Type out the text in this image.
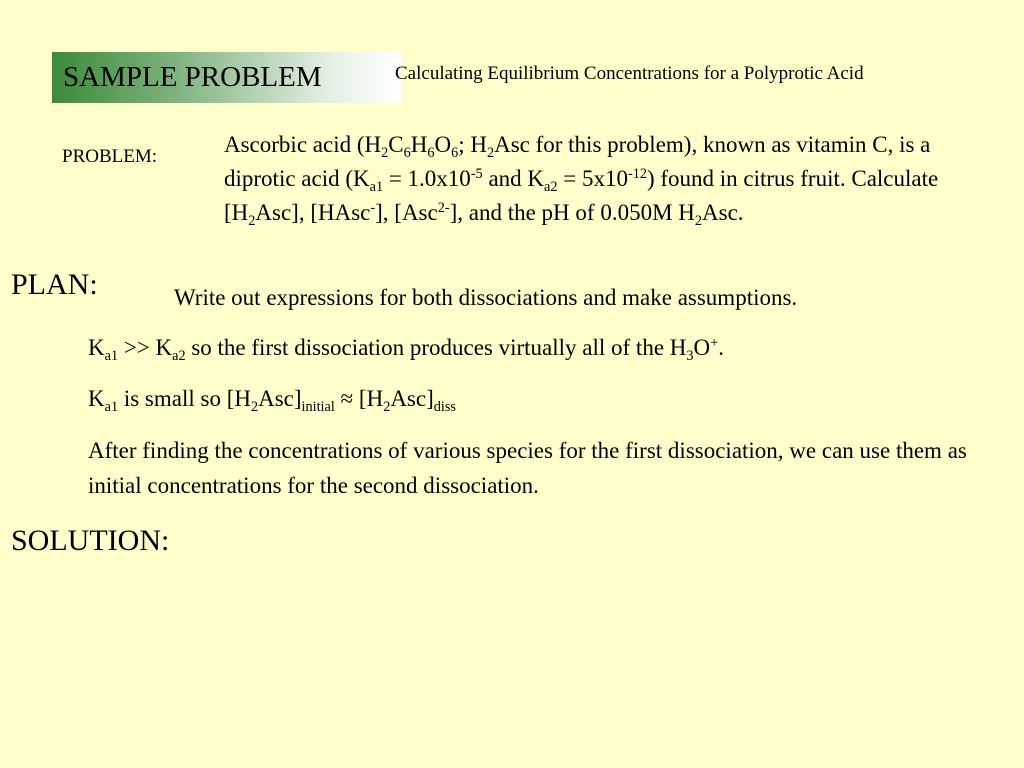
SAMPLE PROBLEM	Calculating Equilibrium Concentrations for a Polyprotic Acid
PROBLEM:	Ascorbic acid ($H_2C_6H_6O_6$; $H_2Asc$ for this problem), known as vitamin C, is a diprotic acid ($K_{a1} = 1.0x10^{-5}$ and $K_{a2} = 5x10^{-12}$) found in citrus fruit. Calculate $[H_2Asc]$, [HAsc-], [Asc$^{2-}$], and the pH of 0.050M $H_2Asc$.
PLAN:	Write out expressions for both dissociations and make assumptions.
$K_{a1} >> K_{a2}$ so the first dissociation produces virtually all of the $H_3O^+$.
$K_{a1}$ is small so $[H_2Asc]_{initial} \approx [H_2Asc]_{diss}$
After finding the concentrations of various species for the first dissociation, we can use them as initial concentrations for the second dissociation.
SOLUTION:
